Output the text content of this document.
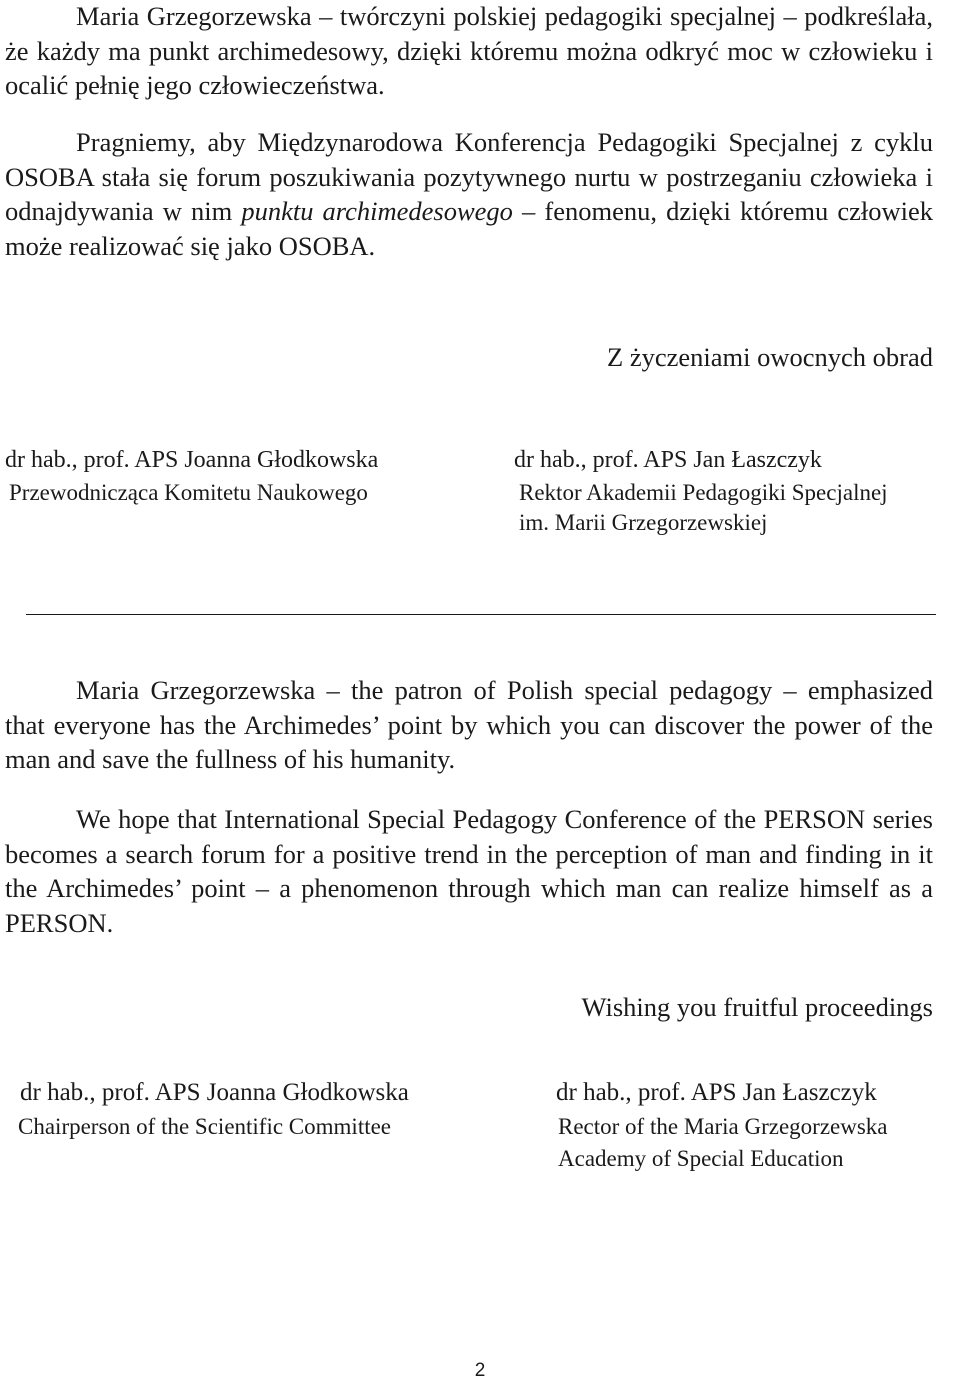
Maria Grzegorzewska – twórczyni polskiej pedagogiki specjalnej – podkreślała, że każdy ma punkt archimedesowy, dzięki któremu można odkryć moc w człowieku i ocalić pełnię jego człowieczeństwa.

Pragniemy, aby Międzynarodowa Konferencja Pedagogiki Specjalnej z cyklu OSOBA stała się forum poszukiwania pozytywnego nurtu w postrzeganiu człowieka i odnajdywania w nim punktu archimedesowego – fenomenu, dzięki któremu człowiek może realizować się jako OSOBA.

Z życzeniami owocnych obrad

dr hab., prof. APS Joanna Głodkowska
Przewodnicząca Komitetu Naukowego
dr hab., prof. APS Jan Łaszczyk
Rektor Akademii Pedagogiki Specjalnej
im. Marii Grzegorzewskiej

Maria Grzegorzewska – the patron of Polish special pedagogy – emphasized that everyone has the Archimedes’ point by which you can discover the power of the man and save the fullness of his humanity.

We hope that International Special Pedagogy Conference of the PERSON series becomes a search forum for a positive trend in the perception of man and finding in it the Archimedes’ point – a phenomenon through which man can realize himself as a PERSON.

Wishing you fruitful proceedings

dr hab., prof. APS Joanna Głodkowska
Chairperson of the Scientific Committee
dr hab., prof. APS Jan Łaszczyk
Rector of the Maria Grzegorzewska
Academy of Special Education
2
